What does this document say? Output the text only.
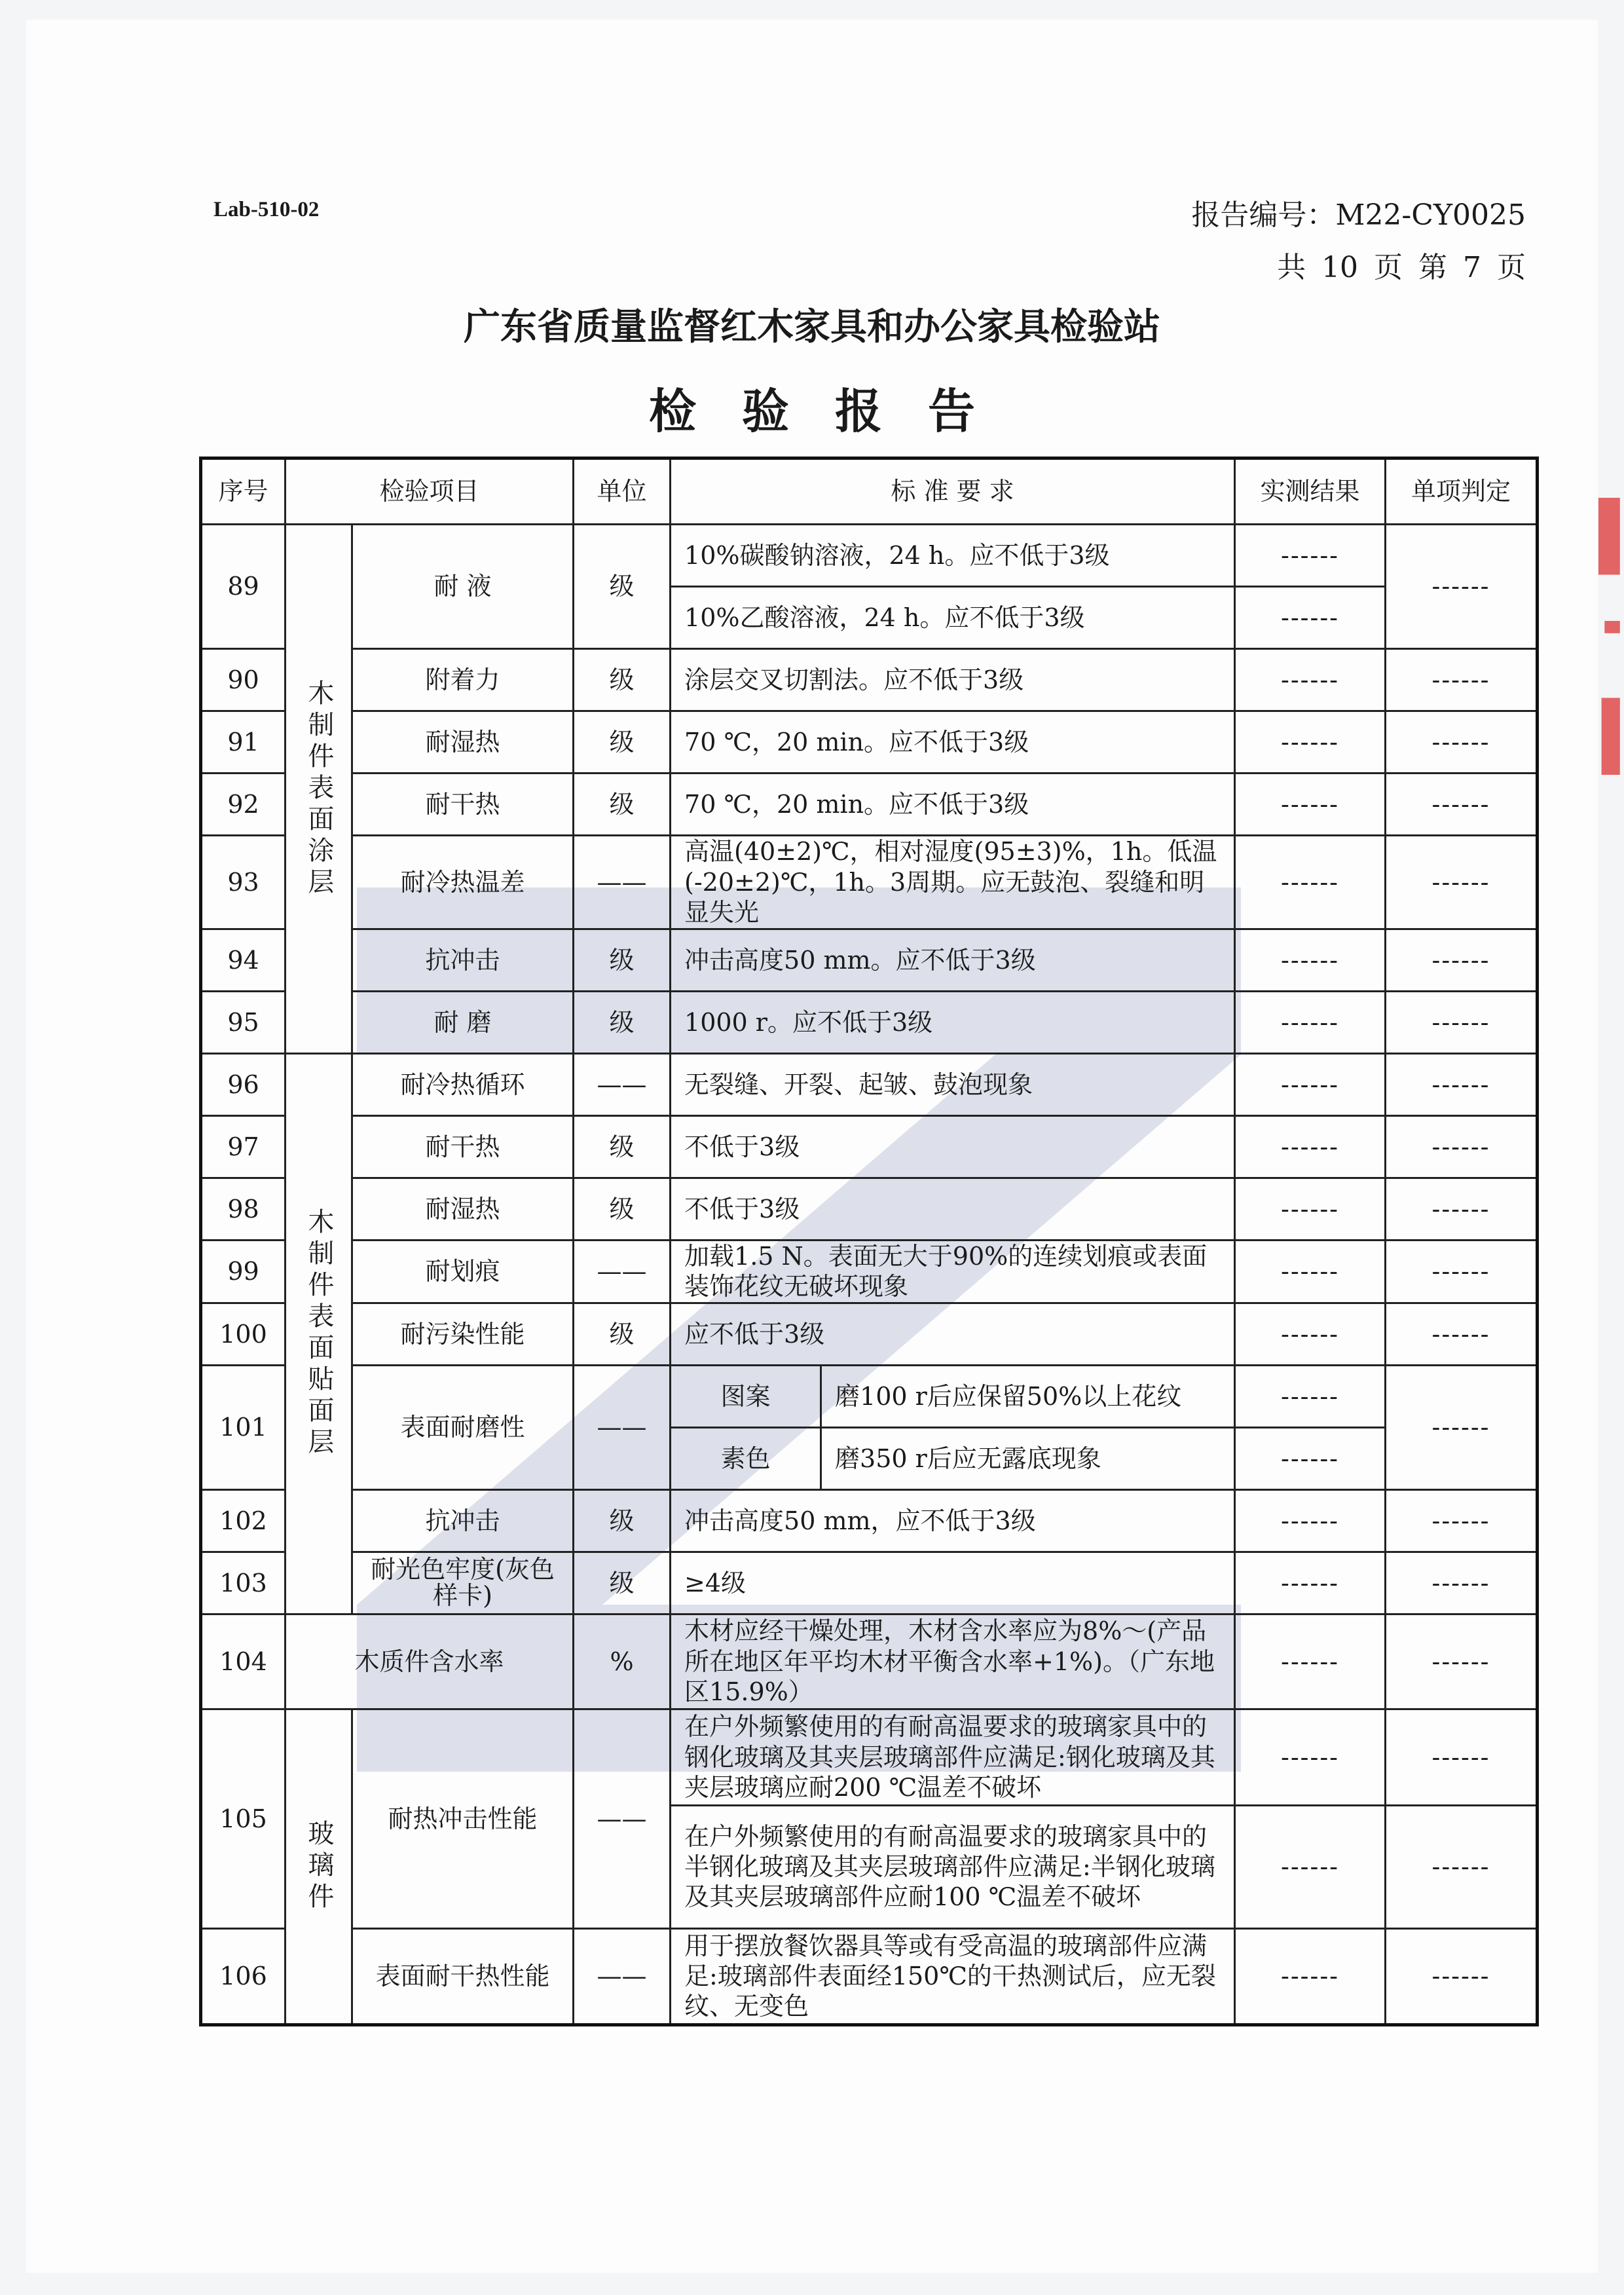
Lab-510-02	报告编号：M22-CY0025
共 10 页 第 7 页
广东省质量监督红木家具和办公家具检验站
检验报告
序号	检验项目		单位	标 准 要 求		实测结果	单项判定
89	木制件表面涂层	耐 液	级	10%碳酸钠溶液，24 h。应不低于3级		------	------
				10%乙酸溶液，24 h。应不低于3级		------	
90		附着力	级	涂层交叉切割法。应不低于3级		------	------
91		耐湿热	级	70 ℃，20 min。应不低于3级		------	------
92		耐干热	级	70 ℃，20 min。应不低于3级		------	------
93		耐冷热温差	——	高温(40±2)℃，相对湿度(95±3)%，1h。低温(-20±2)℃，1h。3周期。应无鼓泡、裂缝和明显失光		------	------
94		抗冲击	级	冲击高度50 mm。应不低于3级		------	------
95		耐 磨	级	1000 r。应不低于3级		------	------
96	木制件表面贴面层	耐冷热循环	——	无裂缝、开裂、起皱、鼓泡现象		------	------
97		耐干热	级	不低于3级		------	------
98		耐湿热	级	不低于3级		------	------
99		耐划痕	——	加载1.5 N。表面无大于90%的连续划痕或表面装饰花纹无破坏现象		------	------
100		耐污染性能	级	应不低于3级		------	------
101		表面耐磨性	——	图案	磨100 r后应保留50%以上花纹	------	------
				素色	磨350 r后应无露底现象	------	
102		抗冲击	级	冲击高度50 mm，应不低于3级		------	------
103		耐光色牢度(灰色样卡)	级	≥4级		------	------
104	木质件含水率		%	木材应经干燥处理，木材含水率应为8%～(产品所在地区年平均木材平衡含水率+1%)。（广东地区15.9%）		------	------
105	玻璃件	耐热冲击性能	——	在户外频繁使用的有耐高温要求的玻璃家具中的钢化玻璃及其夹层玻璃部件应满足:钢化玻璃及其夹层玻璃应耐200 ℃温差不破坏		------	------
				在户外频繁使用的有耐高温要求的玻璃家具中的半钢化玻璃及其夹层玻璃部件应满足:半钢化玻璃及其夹层玻璃部件应耐100 ℃温差不破坏		------	------
106		表面耐干热性能	——	用于摆放餐饮器具等或有受高温的玻璃部件应满足:玻璃部件表面经150℃的干热测试后，应无裂纹、无变色		------	------
